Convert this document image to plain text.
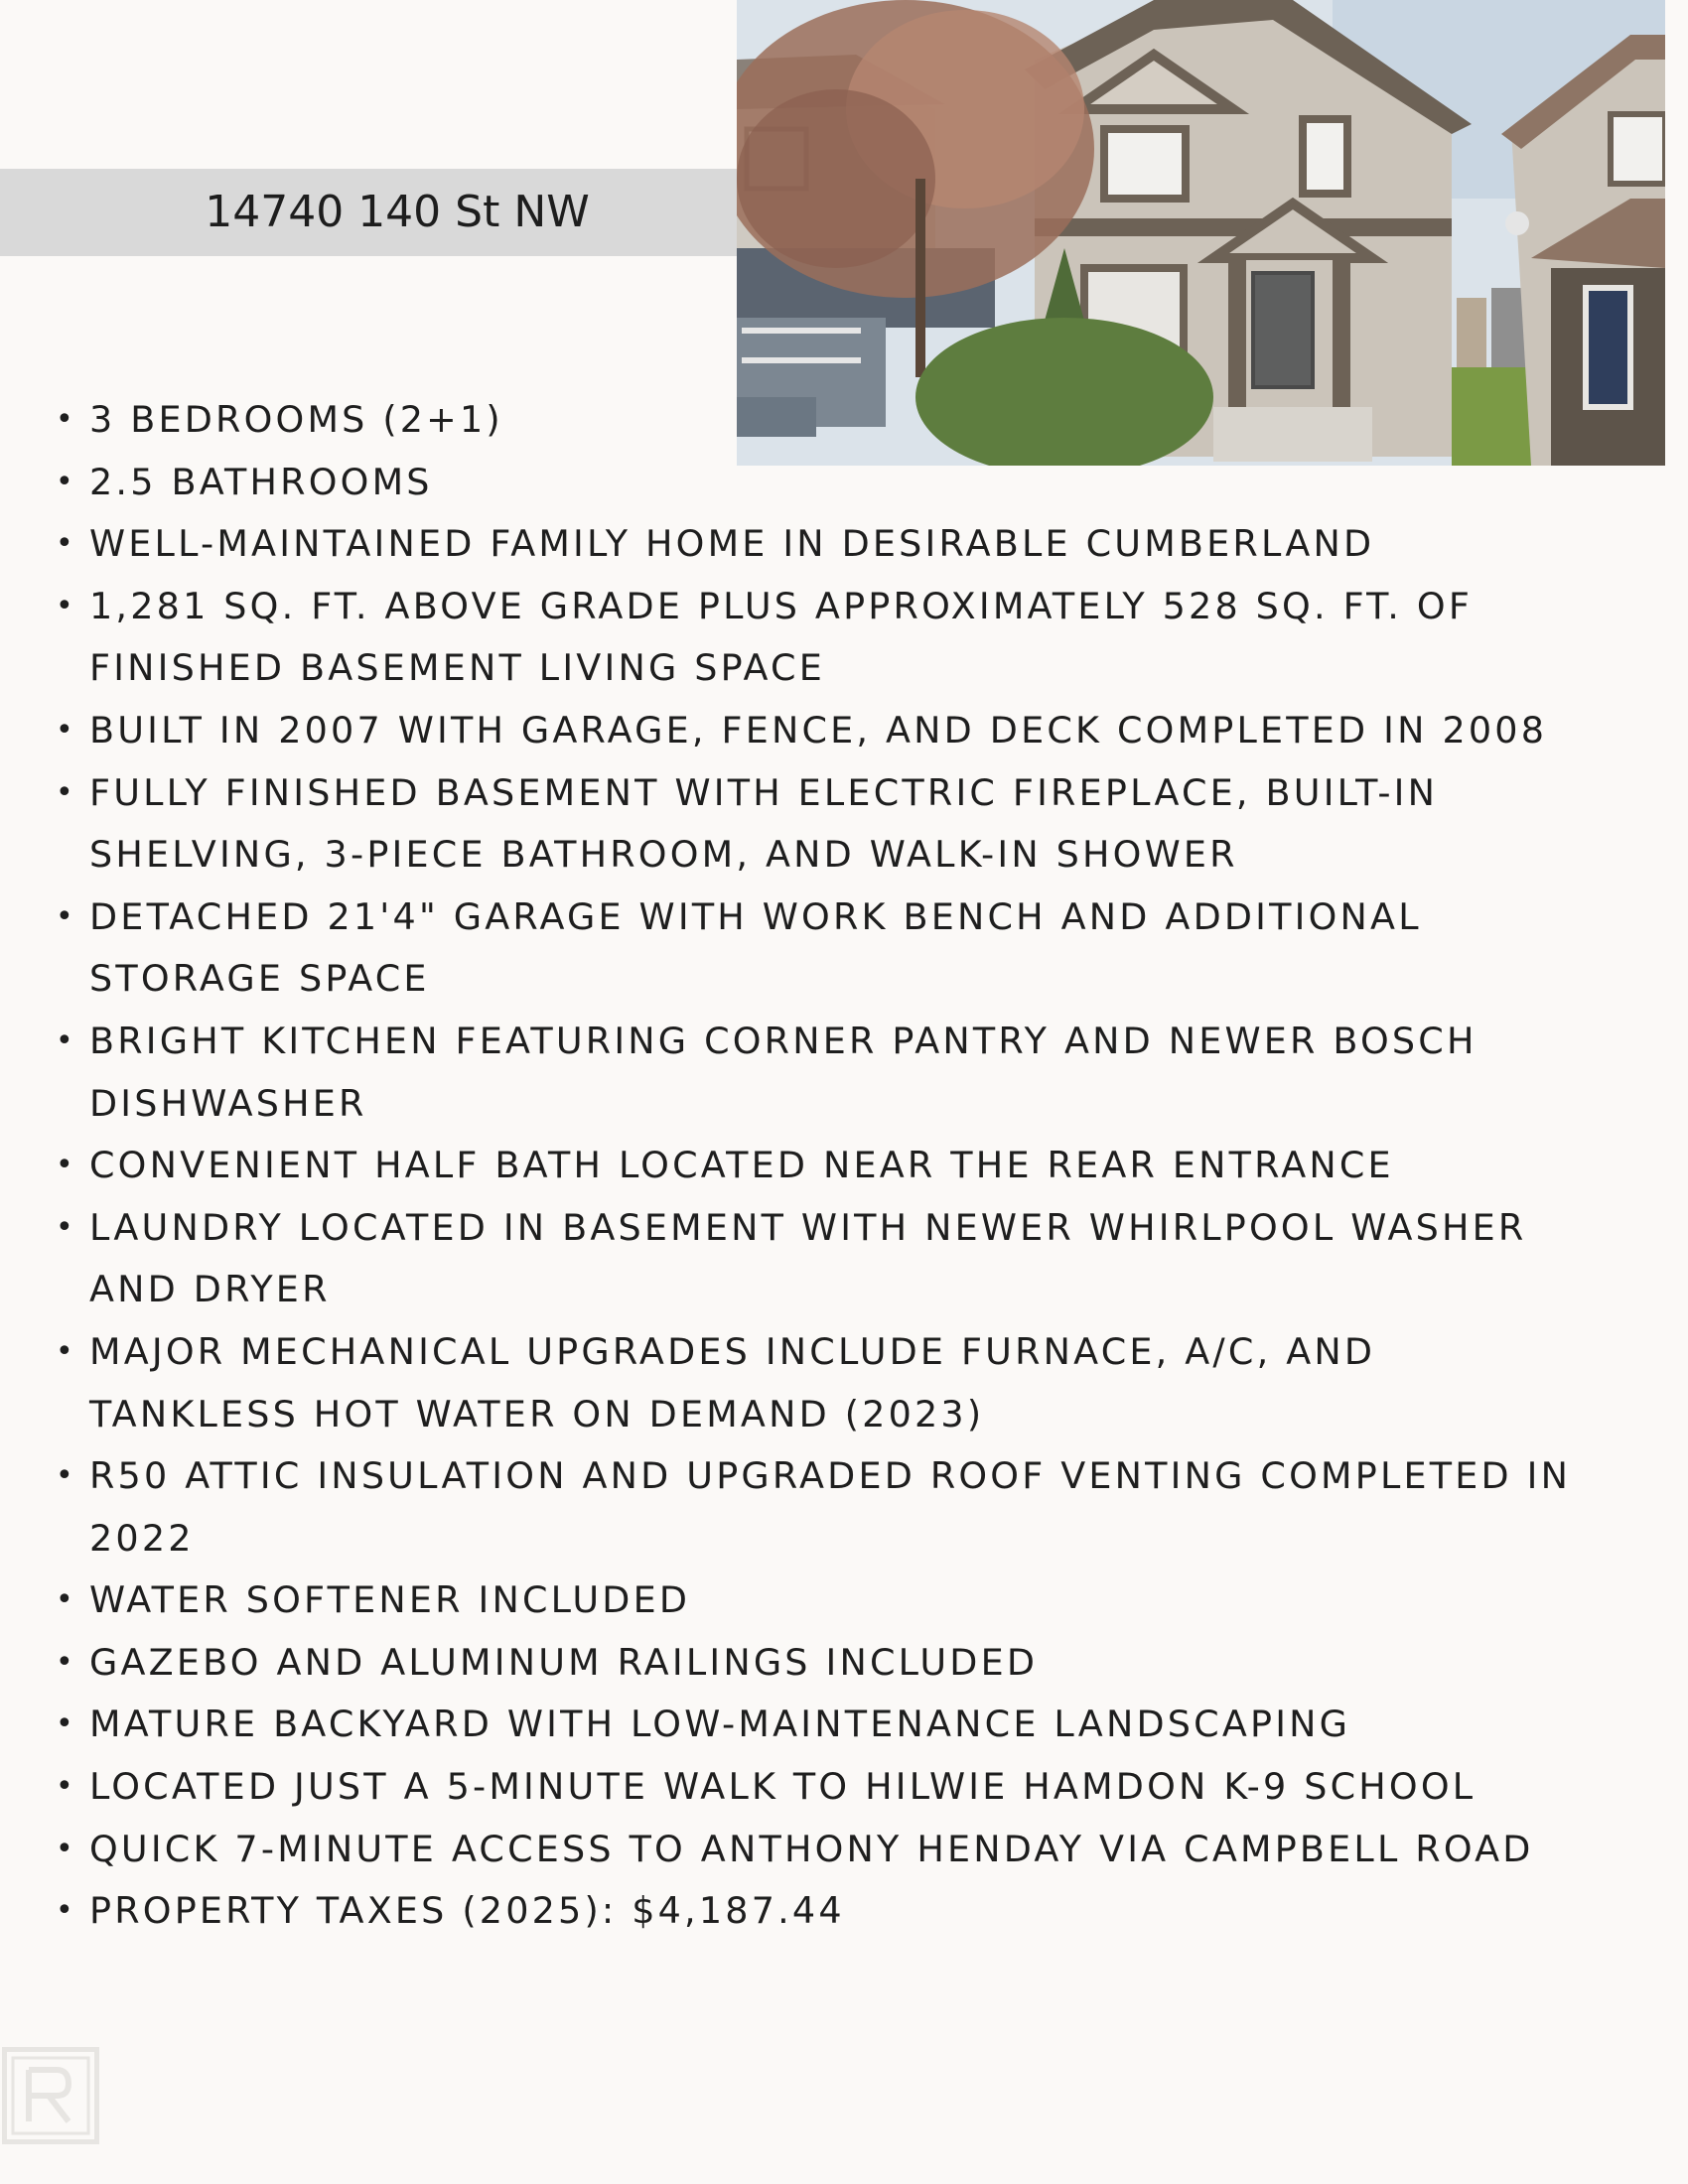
14740 140 St NW
• 3 BEDROOMS (2+1)
• 2.5 BATHROOMS
• WELL-MAINTAINED FAMILY HOME IN DESIRABLE CUMBERLAND
• 1,281 SQ. FT. ABOVE GRADE PLUS APPROXIMATELY 528 SQ. FT. OF FINISHED BASEMENT LIVING SPACE
• BUILT IN 2007 WITH GARAGE, FENCE, AND DECK COMPLETED IN 2008
• FULLY FINISHED BASEMENT WITH ELECTRIC FIREPLACE, BUILT-IN SHELVING, 3-PIECE BATHROOM, AND WALK-IN SHOWER
• DETACHED 21'4" GARAGE WITH WORK BENCH AND ADDITIONAL STORAGE SPACE
• BRIGHT KITCHEN FEATURING CORNER PANTRY AND NEWER BOSCH DISHWASHER
• CONVENIENT HALF BATH LOCATED NEAR THE REAR ENTRANCE
• LAUNDRY LOCATED IN BASEMENT WITH NEWER WHIRLPOOL WASHER AND DRYER
• MAJOR MECHANICAL UPGRADES INCLUDE FURNACE, A/C, AND TANKLESS HOT WATER ON DEMAND (2023)
• R50 ATTIC INSULATION AND UPGRADED ROOF VENTING COMPLETED IN 2022
• WATER SOFTENER INCLUDED
• GAZEBO AND ALUMINUM RAILINGS INCLUDED
• MATURE BACKYARD WITH LOW-MAINTENANCE LANDSCAPING
• LOCATED JUST A 5-MINUTE WALK TO HILWIE HAMDON K-9 SCHOOL
• QUICK 7-MINUTE ACCESS TO ANTHONY HENDAY VIA CAMPBELL ROAD
• PROPERTY TAXES (2025): $4,187.44
